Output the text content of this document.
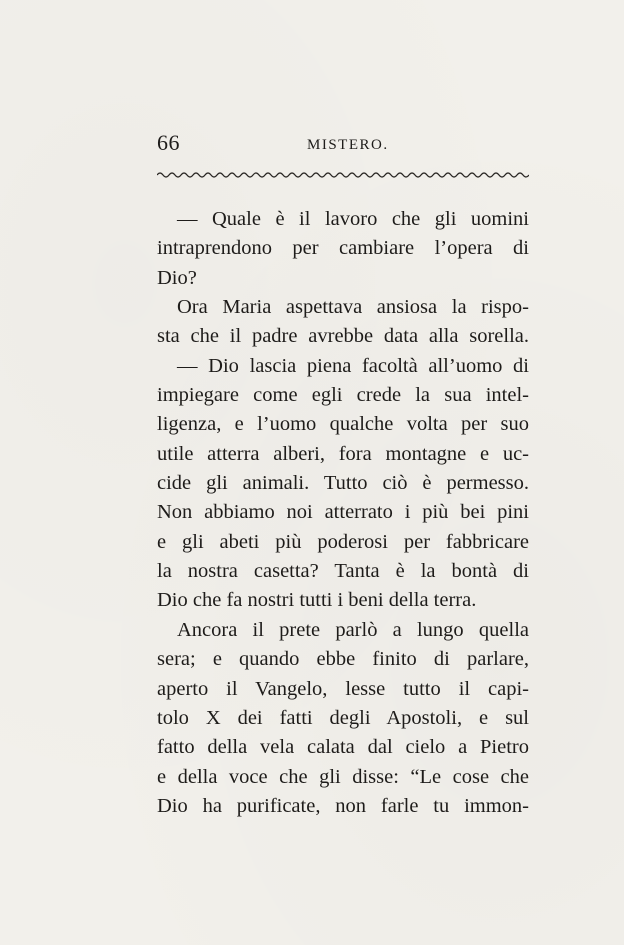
66	MISTERO.
— Quale è il lavoro che gli uomini
intraprendono per cambiare l’opera di
Dio?
Ora Maria aspettava ansiosa la rispo-
sta che il padre avrebbe data alla sorella.
— Dio lascia piena facoltà all’uomo di
impiegare come egli crede la sua intel-
ligenza, e l’uomo qualche volta per suo
utile atterra alberi, fora montagne e uc-
cide gli animali. Tutto ciò è permesso.
Non abbiamo noi atterrato i più bei pini
e gli abeti più poderosi per fabbricare
la nostra casetta? Tanta è la bontà di
Dio che fa nostri tutti i beni della terra.
Ancora il prete parlò a lungo quella
sera; e quando ebbe finito di parlare,
aperto il Vangelo, lesse tutto il capi-
tolo X dei fatti degli Apostoli, e sul
fatto della vela calata dal cielo a Pietro
e della voce che gli disse: “Le cose che
Dio ha purificate, non farle tu immon-
